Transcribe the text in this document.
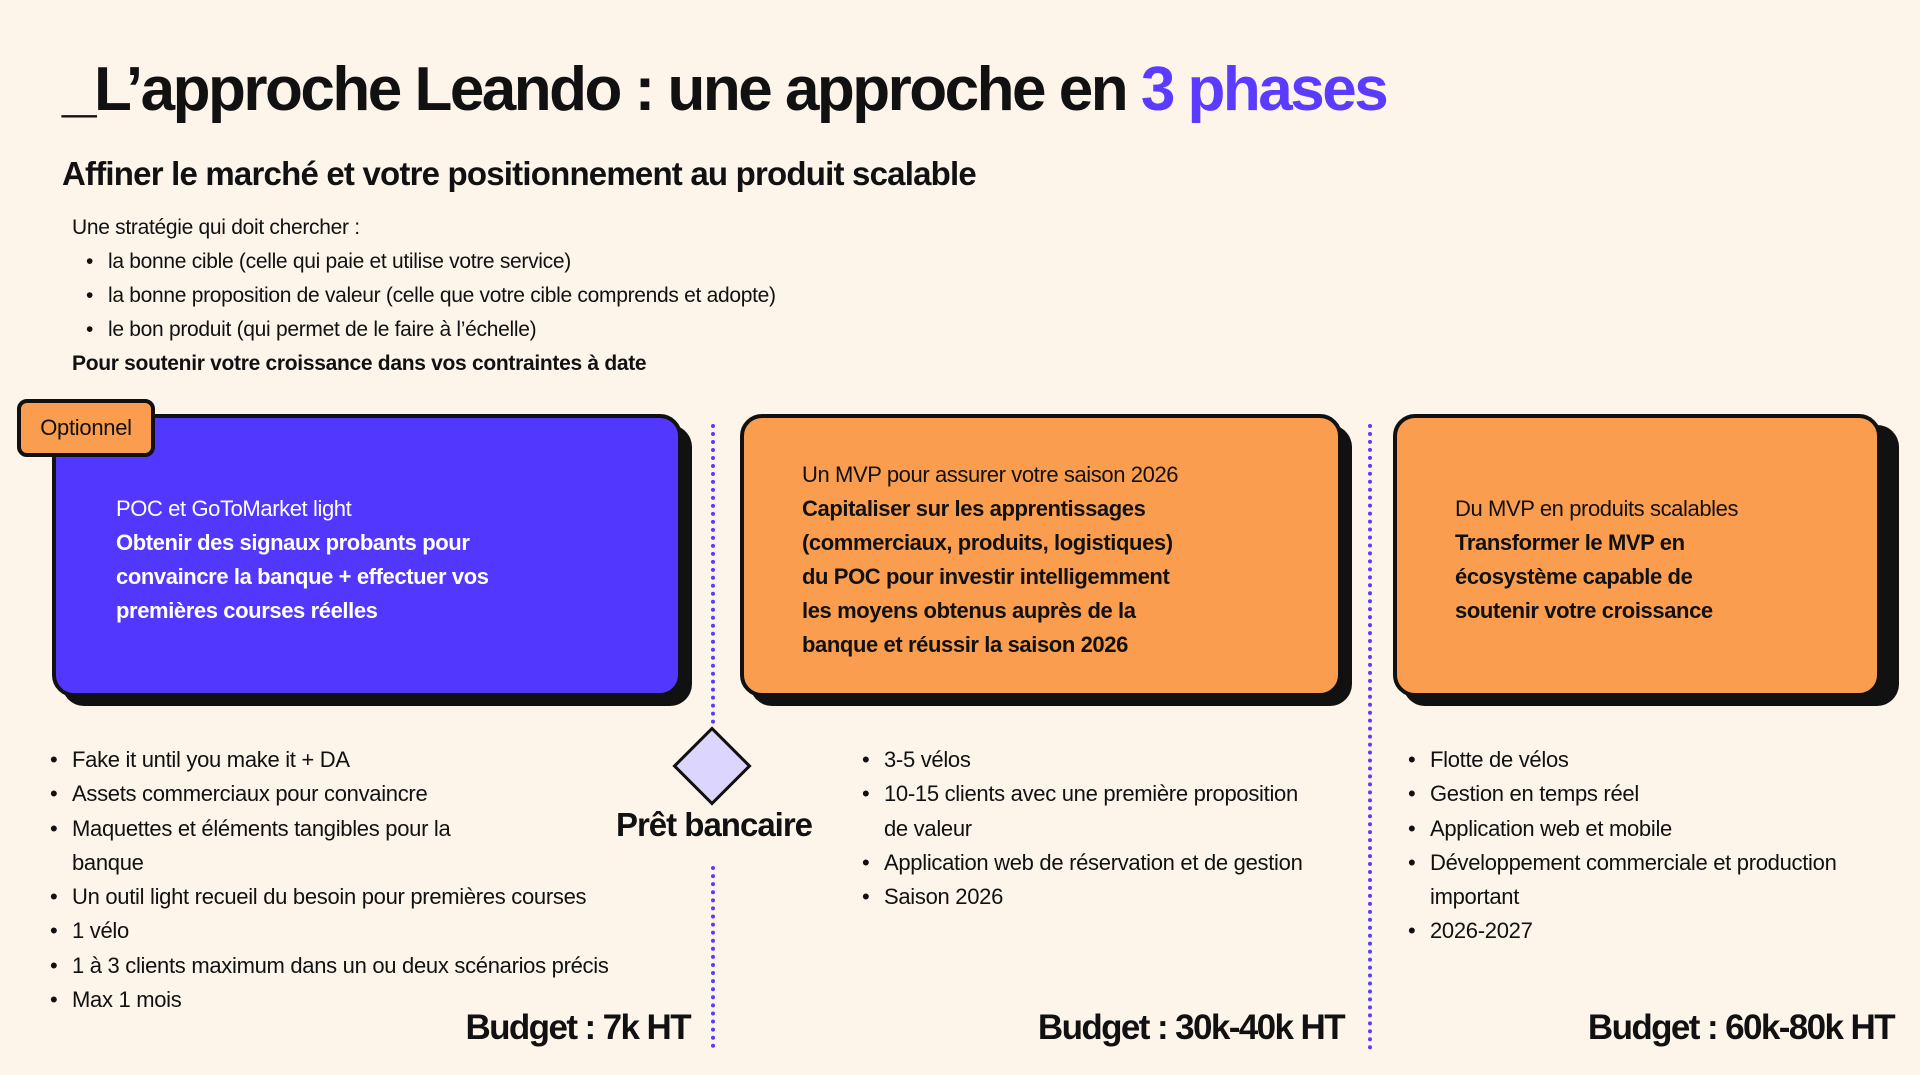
_L’approche Leando : une approche en 3 phases
Affiner le marché et votre positionnement au produit scalable
Une stratégie qui doit chercher :
• la bonne cible (celle qui paie et utilise votre service)
• la bonne proposition de valeur (celle que votre cible comprends et adopte)
• le bon produit (qui permet de le faire à l’échelle)
Pour soutenir votre croissance dans vos contraintes à date
POC et GoToMarket light
Obtenir des signaux probants pour
convaincre la banque + effectuer vos
premières courses réelles
Optionnel
Un MVP pour assurer votre saison 2026
Capitaliser sur les apprentissages
(commerciaux, produits, logistiques)
du POC pour investir intelligemment
les moyens obtenus auprès de la
banque et réussir la saison 2026
Du MVP en produits scalables
Transformer le MVP en
écosystème capable de
soutenir votre croissance
Prêt bancaire
• Fake it until you make it + DA
• Assets commerciaux pour convaincre
• Maquettes et éléments tangibles pour la banque
• Un outil light recueil du besoin pour premières courses
• 1 vélo
• 1 à 3 clients maximum dans un ou deux scénarios précis
• Max 1 mois
• 3-5 vélos
• 10-15 clients avec une première proposition de valeur
• Application web de réservation et de gestion
• Saison 2026
• Flotte de vélos
• Gestion en temps réel
• Application web et mobile
• Développement commerciale et production important
• 2026-2027
Budget : 7k HT	Budget : 30k-40k HT	Budget : 60k-80k HT
